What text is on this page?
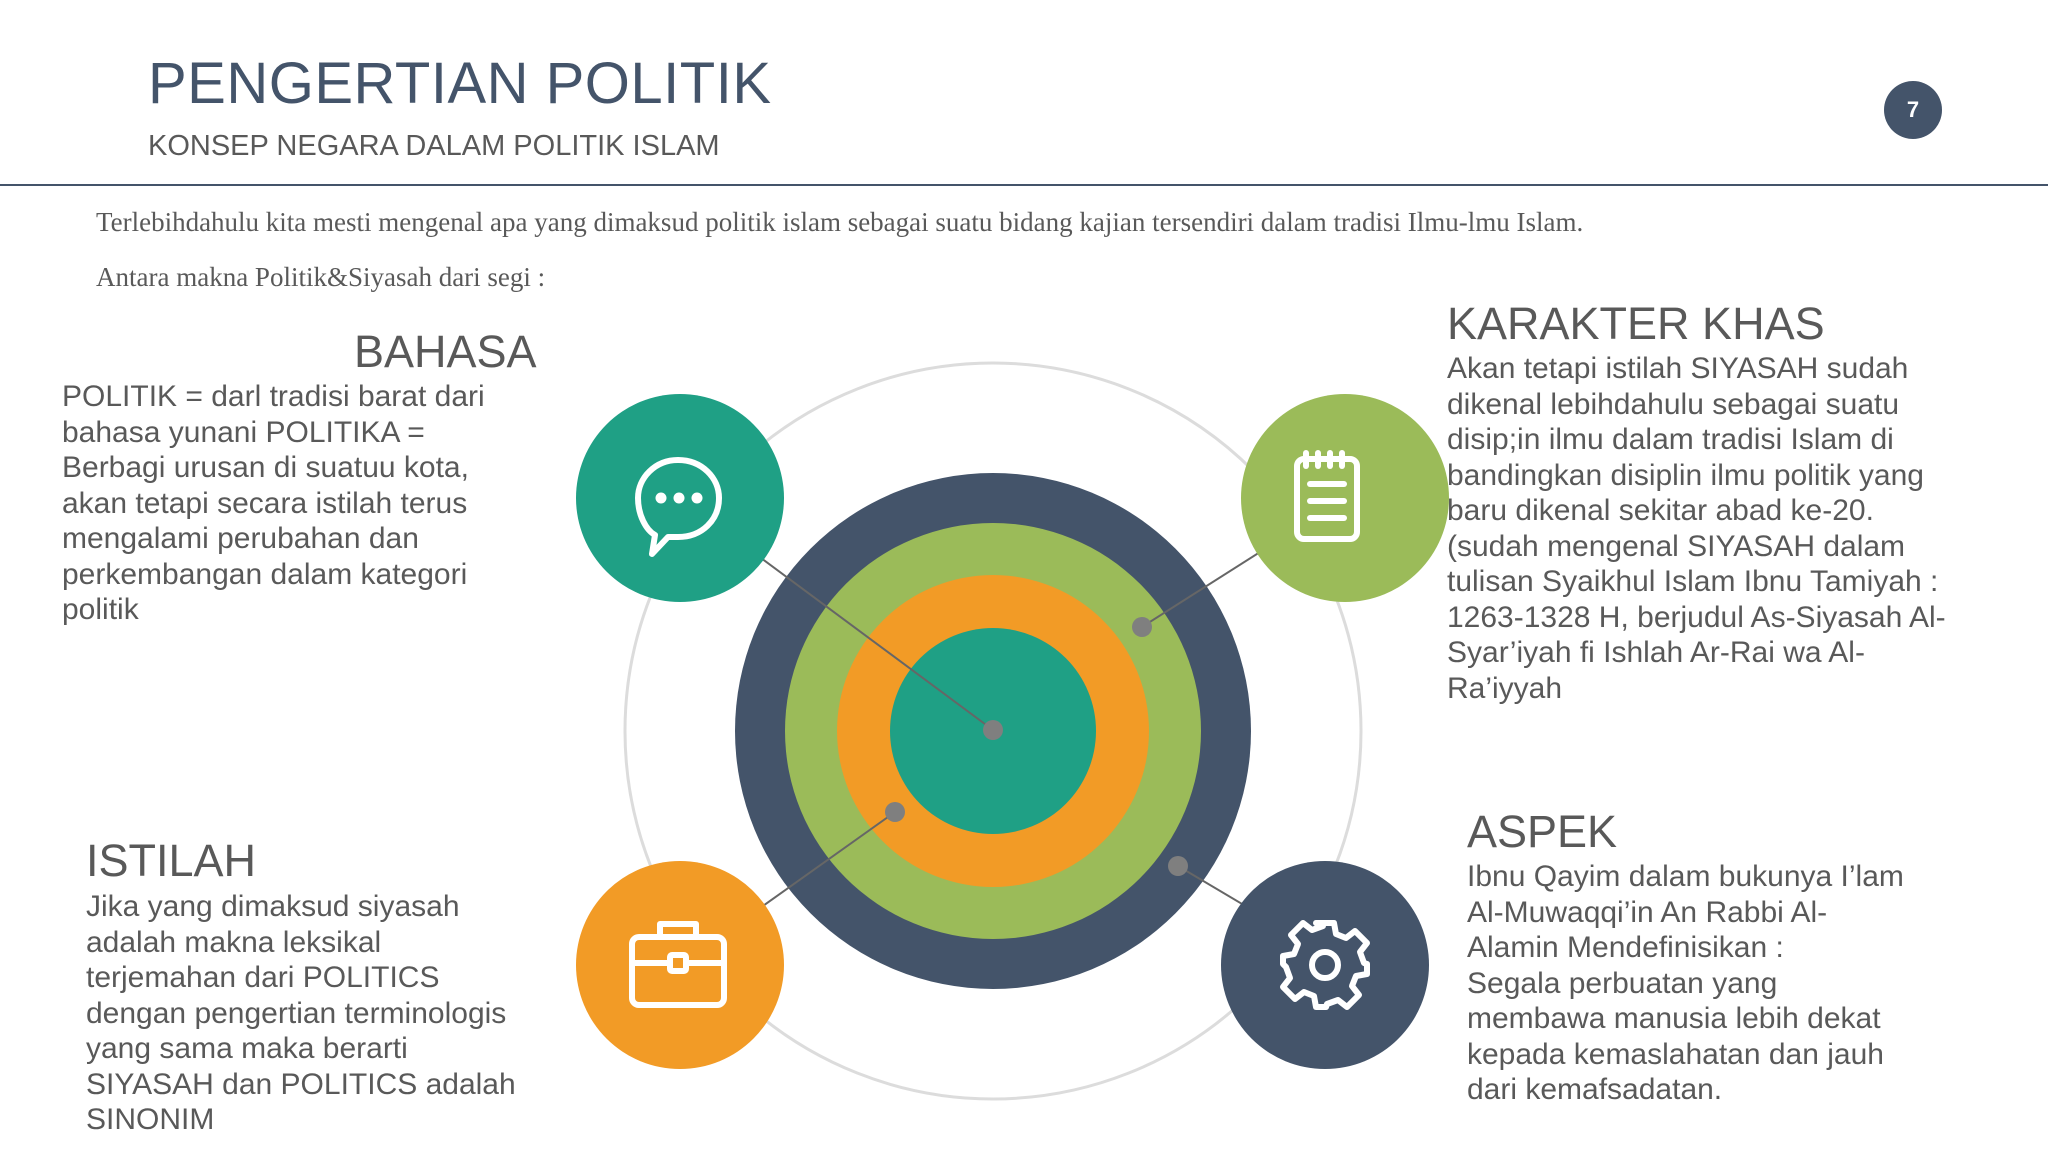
PENGERTIAN POLITIK
KONSEP NEGARA DALAM POLITIK ISLAM
7
Terlebihdahulu kita mesti mengenal apa yang dimaksud politik islam sebagai suatu bidang kajian tersendiri dalam tradisi Ilmu-lmu Islam.
Antara makna Politik&Siyasah dari segi :
BAHASA
POLITIK = darl tradisi barat dari
bahasa yunani POLITIKA =
Berbagi urusan di suatuu kota,
akan tetapi secara istilah terus
mengalami perubahan dan
perkembangan dalam kategori
politik
KARAKTER KHAS
Akan tetapi istilah SIYASAH sudah
dikenal lebihdahulu sebagai suatu
disip;in ilmu dalam tradisi Islam di
bandingkan disiplin ilmu politik yang
baru dikenal sekitar abad ke-20.
(sudah mengenal SIYASAH dalam
tulisan Syaikhul Islam Ibnu Tamiyah :
1263-1328 H, berjudul As-Siyasah Al-
Syar’iyah fi Ishlah Ar-Rai wa Al-
Ra’iyyah
ISTILAH
Jika yang dimaksud siyasah
adalah makna leksikal
terjemahan dari POLITICS
dengan pengertian terminologis
yang sama maka berarti
SIYASAH dan POLITICS adalah
SINONIM
ASPEK
Ibnu Qayim dalam bukunya I’lam
Al-Muwaqqi’in An Rabbi Al-
Alamin Mendefinisikan :
Segala perbuatan yang
membawa manusia lebih dekat
kepada kemaslahatan dan jauh
dari kemafsadatan.
